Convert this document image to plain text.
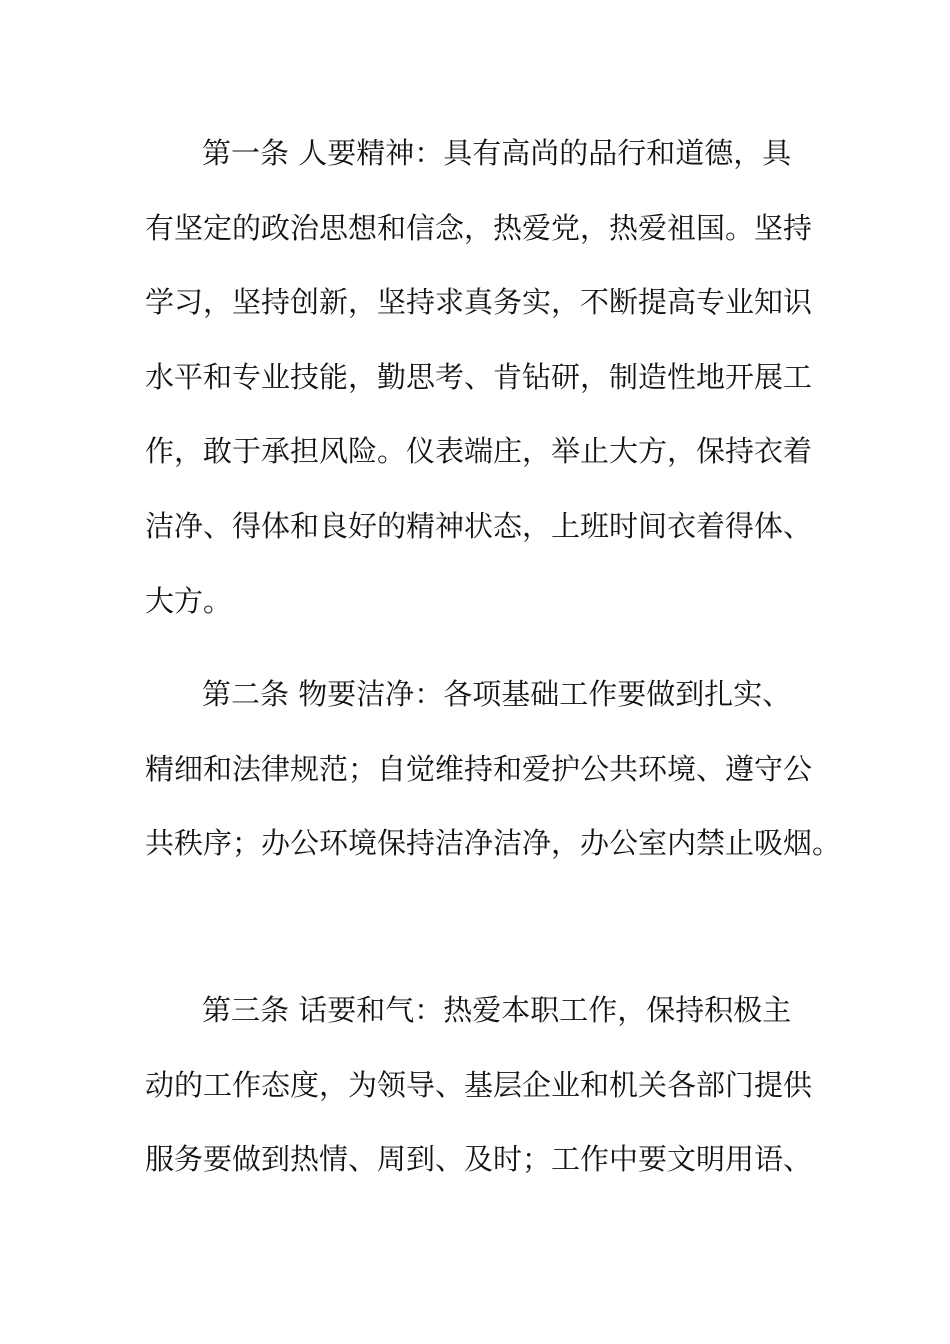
第一条 人要精神：具有高尚的品行和道德，具
有坚定的政治思想和信念，热爱党，热爱祖国。坚持
学习，坚持创新，坚持求真务实，不断提高专业知识
水平和专业技能，勤思考、肯钻研，制造性地开展工
作，敢于承担风险。仪表端庄，举止大方，保持衣着
洁净、得体和良好的精神状态，上班时间衣着得体、
大方。
第二条 物要洁净：各项基础工作要做到扎实、
精细和法律规范；自觉维持和爱护公共环境、遵守公
共秩序；办公环境保持洁净洁净，办公室内禁止吸烟。
第三条 话要和气：热爱本职工作，保持积极主
动的工作态度，为领导、基层企业和机关各部门提供
服务要做到热情、周到、及时；工作中要文明用语、
